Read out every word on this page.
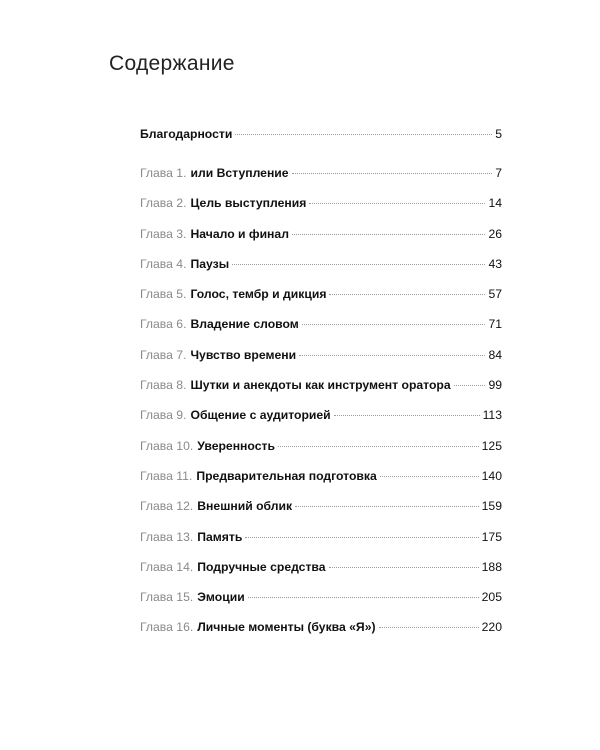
Содержание
Благодарности	5
Глава 1. или Вступление	7
Глава 2. Цель выступления	14
Глава 3. Начало и финал	26
Глава 4. Паузы	43
Глава 5. Голос, тембр и дикция	57
Глава 6. Владение словом	71
Глава 7. Чувство времени	84
Глава 8. Шутки и анекдоты как инструмент оратора	99
Глава 9. Общение с аудиторией	113
Глава 10. Уверенность	125
Глава 11. Предварительная подготовка	140
Глава 12. Внешний облик	159
Глава 13. Память	175
Глава 14. Подручные средства	188
Глава 15. Эмоции	205
Глава 16. Личные моменты (буква «Я»)	220
